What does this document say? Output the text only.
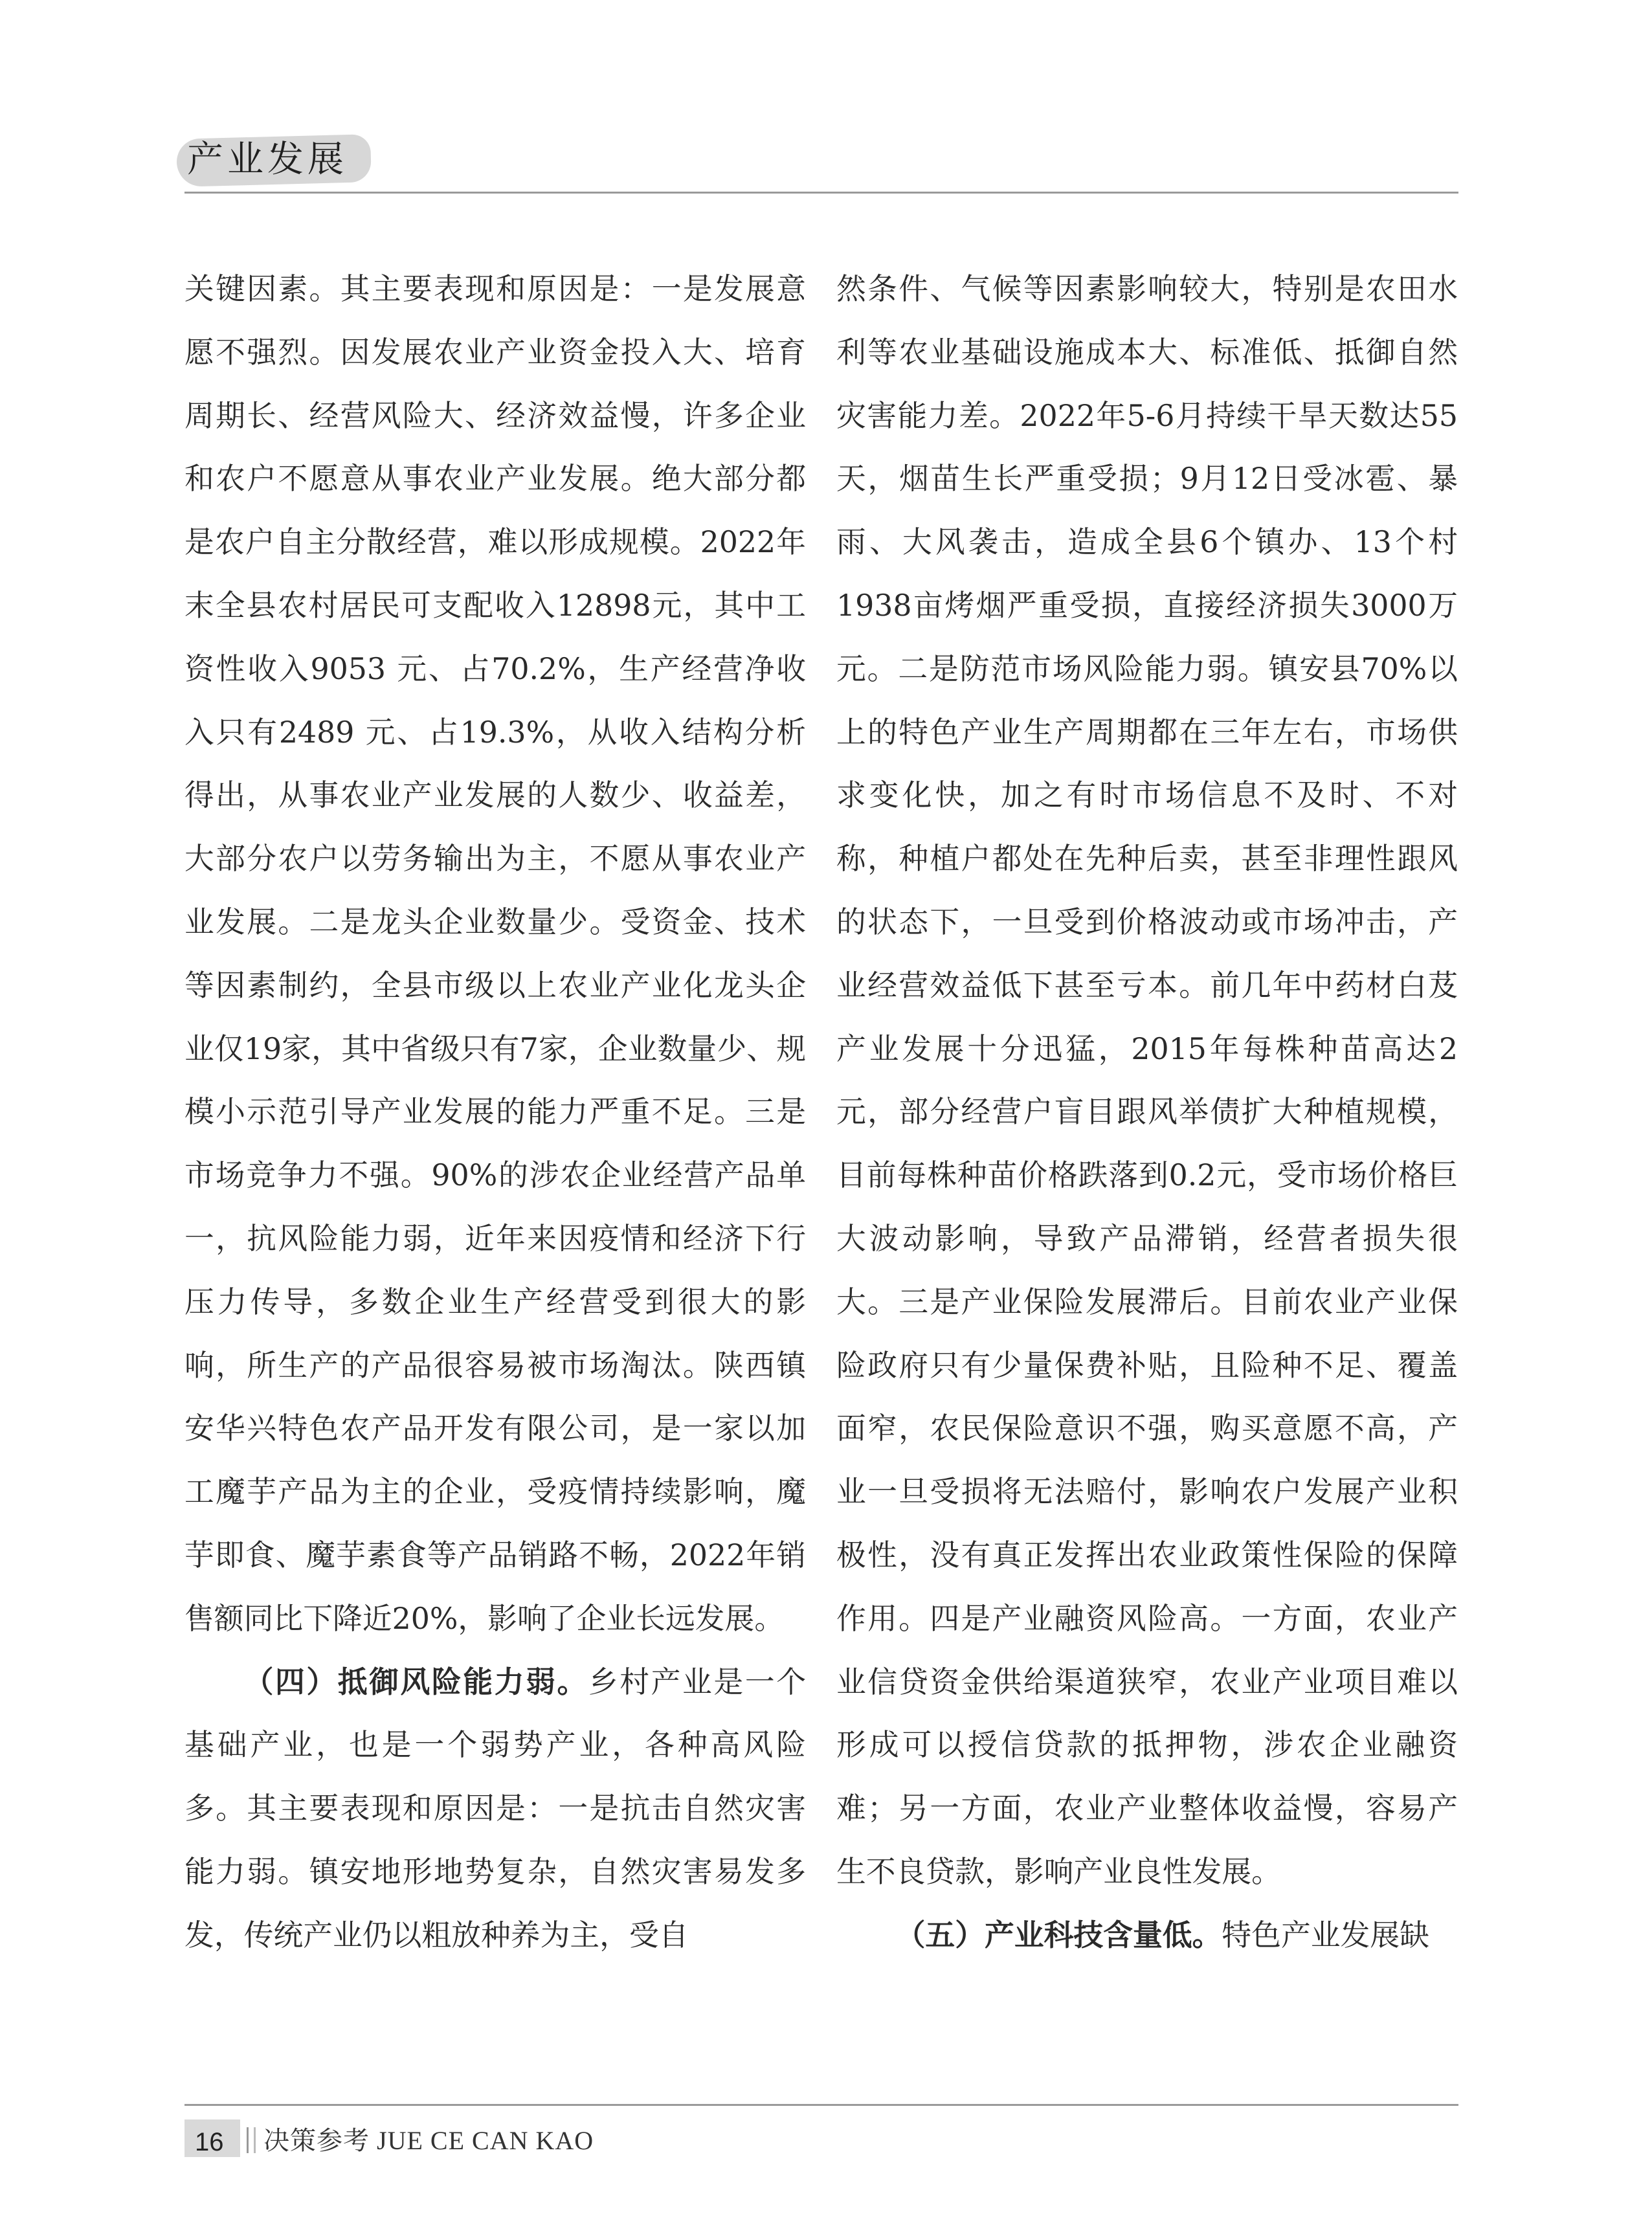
产业发展

关键因素。其主要表现和原因是：一是发展意愿不强烈。因发展农业产业资金投入大、培育周期长、经营风险大、经济效益慢，许多企业和农户不愿意从事农业产业发展。绝大部分都是农户自主分散经营，难以形成规模。2022年末全县农村居民可支配收入12898元，其中工资性收入9053 元、占70.2%，生产经营净收入只有2489 元、占19.3%，从收入结构分析得出，从事农业产业发展的人数少、收益差，大部分农户以劳务输出为主，不愿从事农业产业发展。二是龙头企业数量少。受资金、技术等因素制约，全县市级以上农业产业化龙头企业仅19家，其中省级只有7家，企业数量少、规模小示范引导产业发展的能力严重不足。三是市场竞争力不强。90%的涉农企业经营产品单一，抗风险能力弱，近年来因疫情和经济下行压力传导，多数企业生产经营受到很大的影响，所生产的产品很容易被市场淘汰。陕西镇安华兴特色农产品开发有限公司，是一家以加工魔芋产品为主的企业，受疫情持续影响，魔芋即食、魔芋素食等产品销路不畅，2022年销售额同比下降近20%，影响了企业长远发展。

（四）抵御风险能力弱。乡村产业是一个基础产业，也是一个弱势产业，各种高风险多。其主要表现和原因是：一是抗击自然灾害能力弱。镇安地形地势复杂，自然灾害易发多发，传统产业仍以粗放种养为主，受自

然条件、气候等因素影响较大，特别是农田水利等农业基础设施成本大、标准低、抵御自然灾害能力差。2022年5-6月持续干旱天数达55天，烟苗生长严重受损；9月12日受冰雹、暴雨、大风袭击，造成全县6个镇办、13个村1938亩烤烟严重受损，直接经济损失3000万元。二是防范市场风险能力弱。镇安县70%以上的特色产业生产周期都在三年左右，市场供求变化快，加之有时市场信息不及时、不对称，种植户都处在先种后卖，甚至非理性跟风的状态下，一旦受到价格波动或市场冲击，产业经营效益低下甚至亏本。前几年中药材白芨产业发展十分迅猛，2015年每株种苗高达2元，部分经营户盲目跟风举债扩大种植规模，目前每株种苗价格跌落到0.2元，受市场价格巨大波动影响，导致产品滞销，经营者损失很大。三是产业保险发展滞后。目前农业产业保险政府只有少量保费补贴，且险种不足、覆盖面窄，农民保险意识不强，购买意愿不高，产业一旦受损将无法赔付，影响农户发展产业积极性，没有真正发挥出农业政策性保险的保障作用。四是产业融资风险高。一方面，农业产业信贷资金供给渠道狭窄，农业产业项目难以形成可以授信贷款的抵押物，涉农企业融资难；另一方面，农业产业整体收益慢，容易产生不良贷款，影响产业良性发展。

（五）产业科技含量低。特色产业发展缺

16 决策参考 JUE CE CAN KAO
